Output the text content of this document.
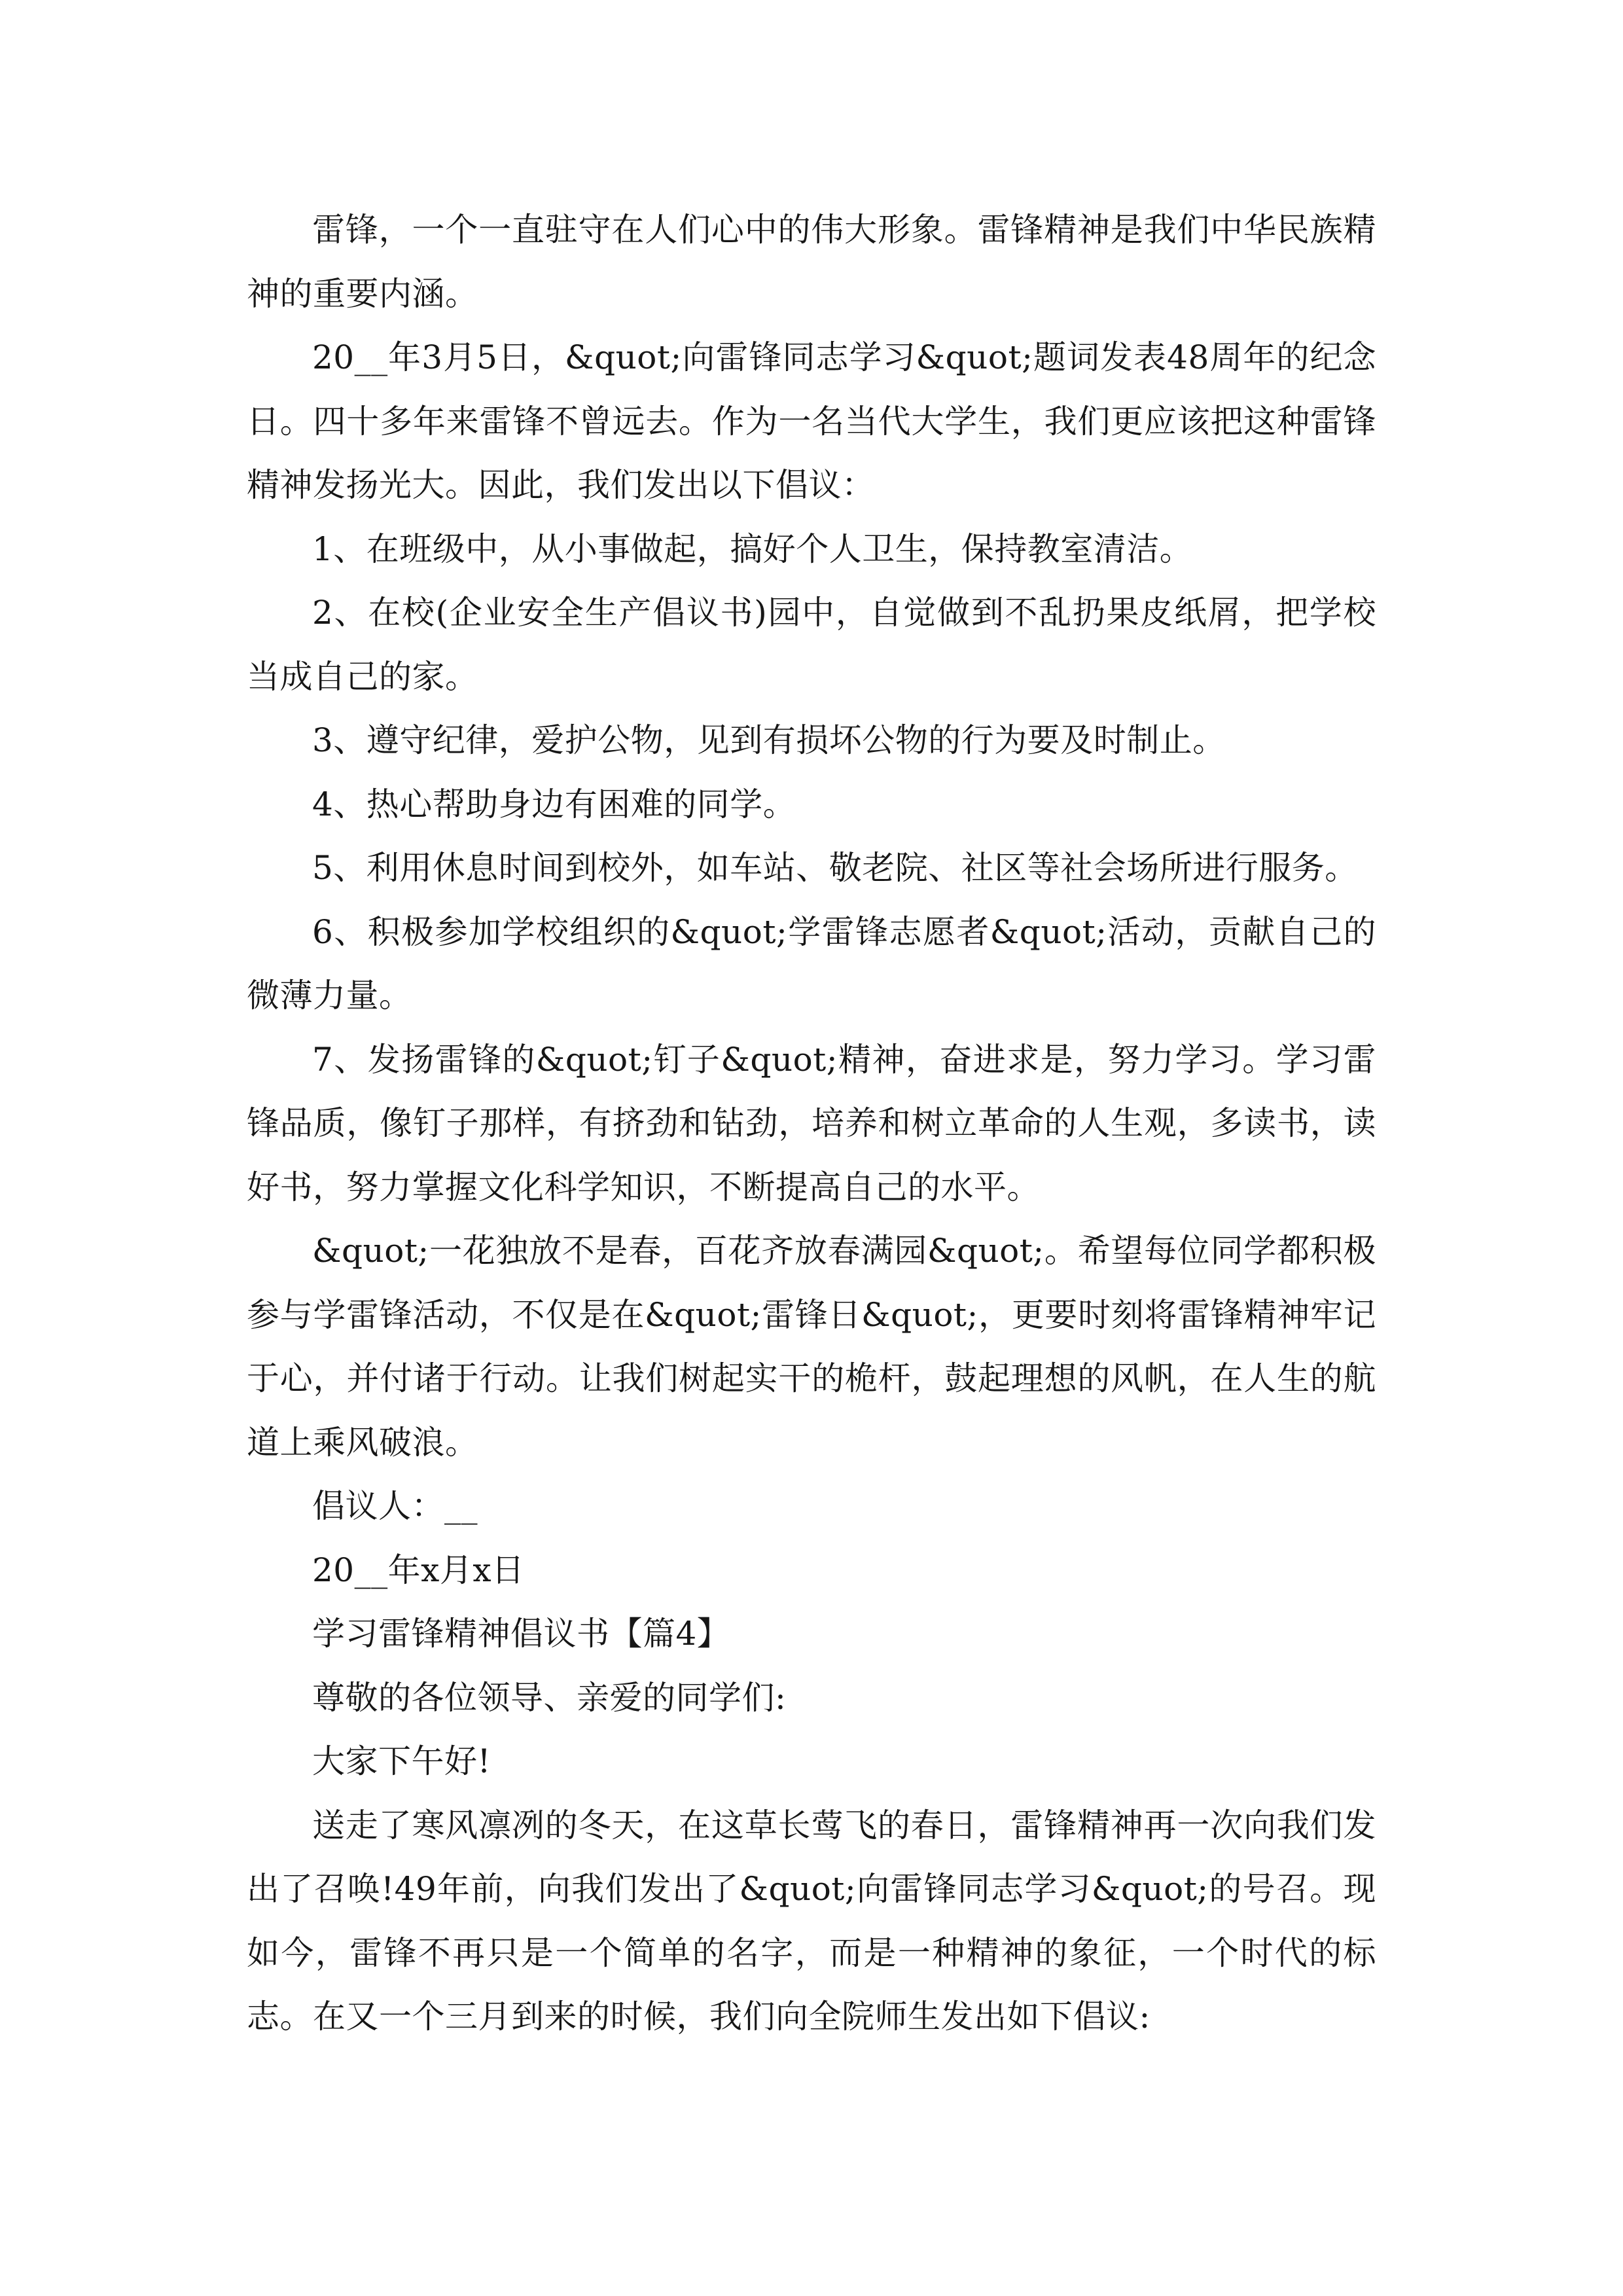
雷锋，一个一直驻守在人们心中的伟大形象。雷锋精神是我们中华民族精神的重要内涵。

20__年3月5日，&quot;向雷锋同志学习&quot;题词发表48周年的纪念日。四十多年来雷锋不曾远去。作为一名当代大学生，我们更应该把这种雷锋精神发扬光大。因此，我们发出以下倡议：

1、在班级中，从小事做起，搞好个人卫生，保持教室清洁。

2、在校(企业安全生产倡议书)园中，自觉做到不乱扔果皮纸屑，把学校当成自己的家。

3、遵守纪律，爱护公物，见到有损坏公物的行为要及时制止。

4、热心帮助身边有困难的同学。

5、利用休息时间到校外，如车站、敬老院、社区等社会场所进行服务。

6、积极参加学校组织的&quot;学雷锋志愿者&quot;活动，贡献自己的微薄力量。

7、发扬雷锋的&quot;钉子&quot;精神，奋进求是，努力学习。学习雷锋品质，像钉子那样，有挤劲和钻劲，培养和树立革命的人生观，多读书，读好书，努力掌握文化科学知识，不断提高自己的水平。

&quot;一花独放不是春，百花齐放春满园&quot;。希望每位同学都积极参与学雷锋活动，不仅是在&quot;雷锋日&quot;，更要时刻将雷锋精神牢记于心，并付诸于行动。让我们树起实干的桅杆，鼓起理想的风帆，在人生的航道上乘风破浪。

倡议人：__

20__年x月x日

学习雷锋精神倡议书【篇4】

尊敬的各位领导、亲爱的同学们:

大家下午好!

送走了寒风凛冽的冬天，在这草长莺飞的春日，雷锋精神再一次向我们发出了召唤!49年前，向我们发出了&quot;向雷锋同志学习&quot;的号召。现如今，雷锋不再只是一个简单的名字，而是一种精神的象征，一个时代的标志。在又一个三月到来的时候，我们向全院师生发出如下倡议:
